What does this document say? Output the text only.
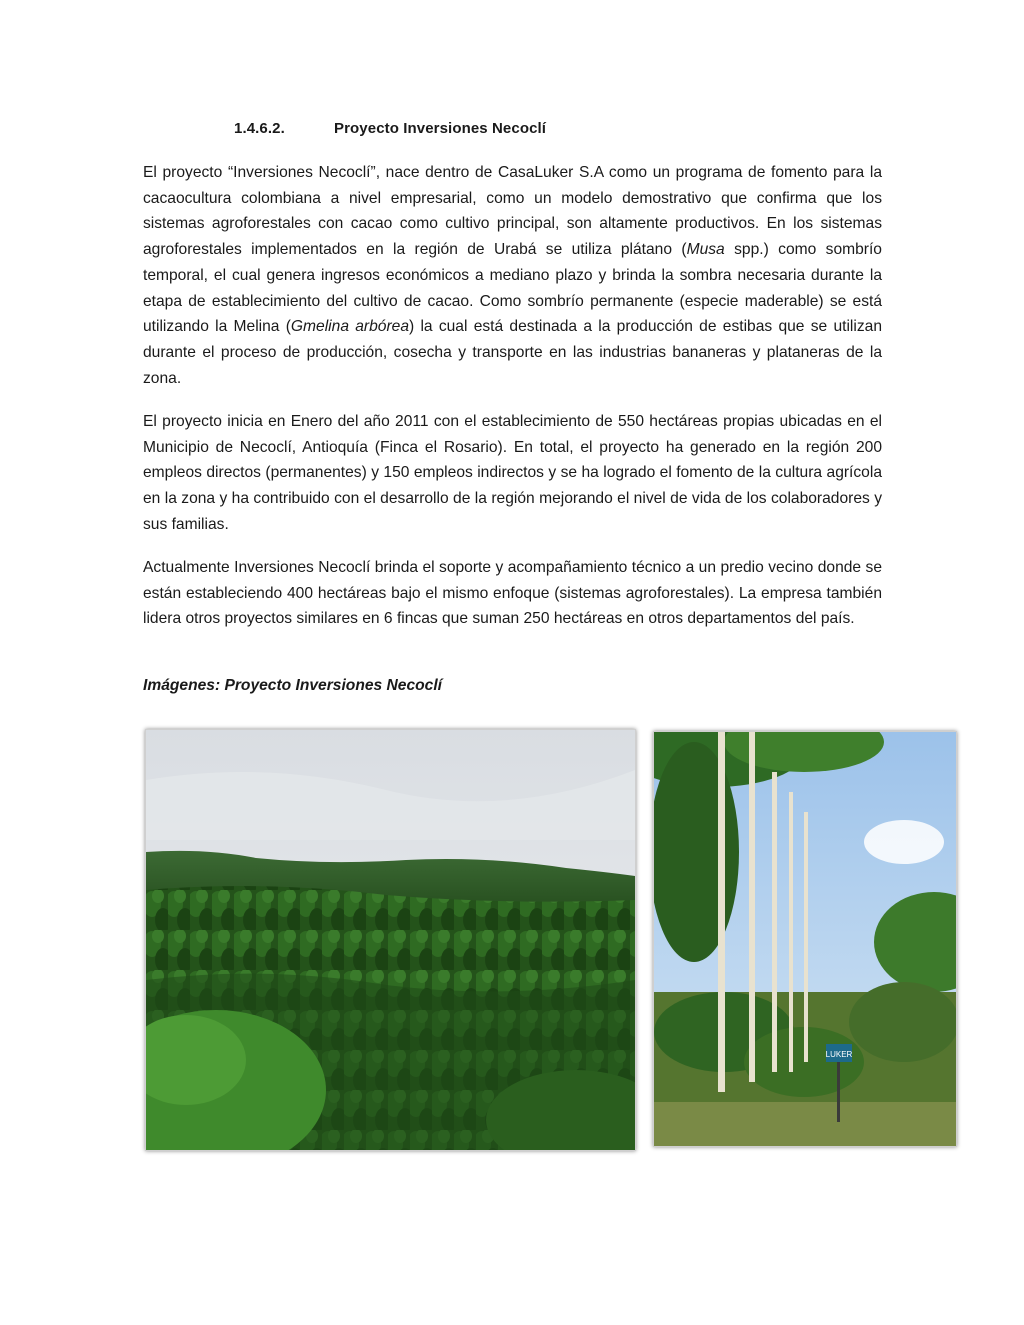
1.4.6.2.	Proyecto Inversiones Necoclí

El proyecto “Inversiones Necoclí”, nace dentro de CasaLuker S.A como un programa de fomento para la cacaocultura colombiana a nivel empresarial, como un modelo demostrativo que confirma que los sistemas agroforestales con cacao como cultivo principal, son altamente productivos. En los sistemas agroforestales implementados en la región de Urabá se utiliza plátano (Musa spp.) como sombrío temporal, el cual genera ingresos económicos a mediano plazo y brinda la sombra necesaria durante la etapa de establecimiento del cultivo de cacao. Como sombrío permanente (especie maderable) se está utilizando la Melina (Gmelina arbórea) la cual está destinada a la producción de estibas que se utilizan durante el proceso de producción, cosecha y transporte en las industrias bananeras y plataneras de la zona.

El proyecto inicia en Enero del año 2011 con el establecimiento de 550 hectáreas propias ubicadas en el Municipio de Necoclí, Antioquía (Finca el Rosario). En total, el proyecto ha generado en la región 200 empleos directos (permanentes) y 150 empleos indirectos y se ha logrado el fomento de la cultura agrícola en la zona y ha contribuido con el desarrollo de la región mejorando el nivel de vida de los colaboradores y sus familias.

Actualmente Inversiones Necoclí brinda el soporte y acompañamiento técnico a un predio vecino donde se están estableciendo 400 hectáreas bajo el mismo enfoque (sistemas agroforestales). La empresa también lidera otros proyectos similares en 6 fincas que suman 250 hectáreas en otros departamentos del país.

Imágenes: Proyecto Inversiones Necoclí
LUKER
